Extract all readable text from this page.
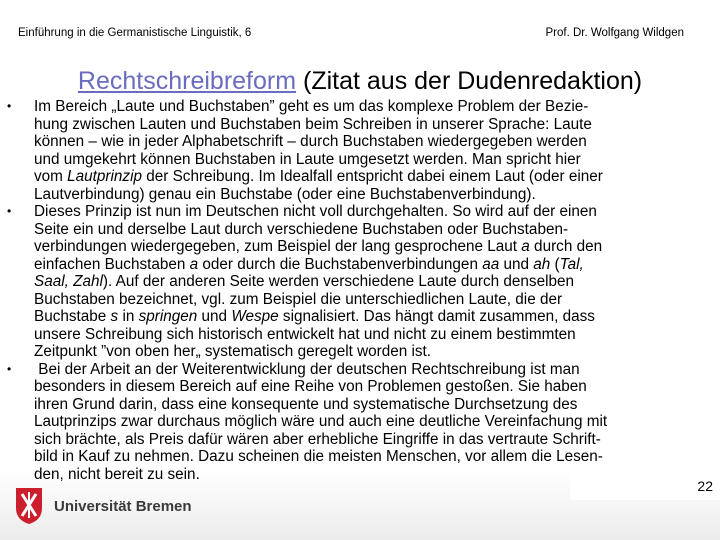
Einführung in die Germanistische Linguistik, 6	Prof. Dr. Wolfgang Wildgen
Rechtschreibreform (Zitat aus der Dudenredaktion)
• Im Bereich „Laute und Buchstaben” geht es um das komplexe Problem der Bezie-
hung zwischen Lauten und Buchstaben beim Schreiben in unserer Sprache: Laute
können – wie in jeder Alphabetschrift – durch Buchstaben wiedergegeben werden
und umgekehrt können Buchstaben in Laute umgesetzt werden. Man spricht hier
vom Lautprinzip der Schreibung. Im Idealfall entspricht dabei einem Laut (oder einer
Lautverbindung) genau ein Buchstabe (oder eine Buchstabenverbindung).
• Dieses Prinzip ist nun im Deutschen nicht voll durchgehalten. So wird auf der einen
Seite ein und derselbe Laut durch verschiedene Buchstaben oder Buchstaben-
verbindungen wiedergegeben, zum Beispiel der lang gesprochene Laut a durch den
einfachen Buchstaben a oder durch die Buchstabenverbindungen aa und ah (Tal,
Saal, Zahl). Auf der anderen Seite werden verschiedene Laute durch denselben
Buchstaben bezeichnet, vgl. zum Beispiel die unterschiedlichen Laute, die der
Buchstabe s in springen und Wespe signalisiert. Das hängt damit zusammen, dass
unsere Schreibung sich historisch entwickelt hat und nicht zu einem bestimmten
Zeitpunkt ”von oben her„ systematisch geregelt worden ist.
• Bei der Arbeit an der Weiterentwicklung der deutschen Rechtschreibung ist man
besonders in diesem Bereich auf eine Reihe von Problemen gestoßen. Sie haben
ihren Grund darin, dass eine konsequente und systematische Durchsetzung des
Lautprinzips zwar durchaus möglich wäre und auch eine deutliche Vereinfachung mit
sich brächte, als Preis dafür wären aber erhebliche Eingriffe in das vertraute Schrift-
bild in Kauf zu nehmen. Dazu scheinen die meisten Menschen, vor allem die Lesen-
den, nicht bereit zu sein.
22
Universität Bremen
